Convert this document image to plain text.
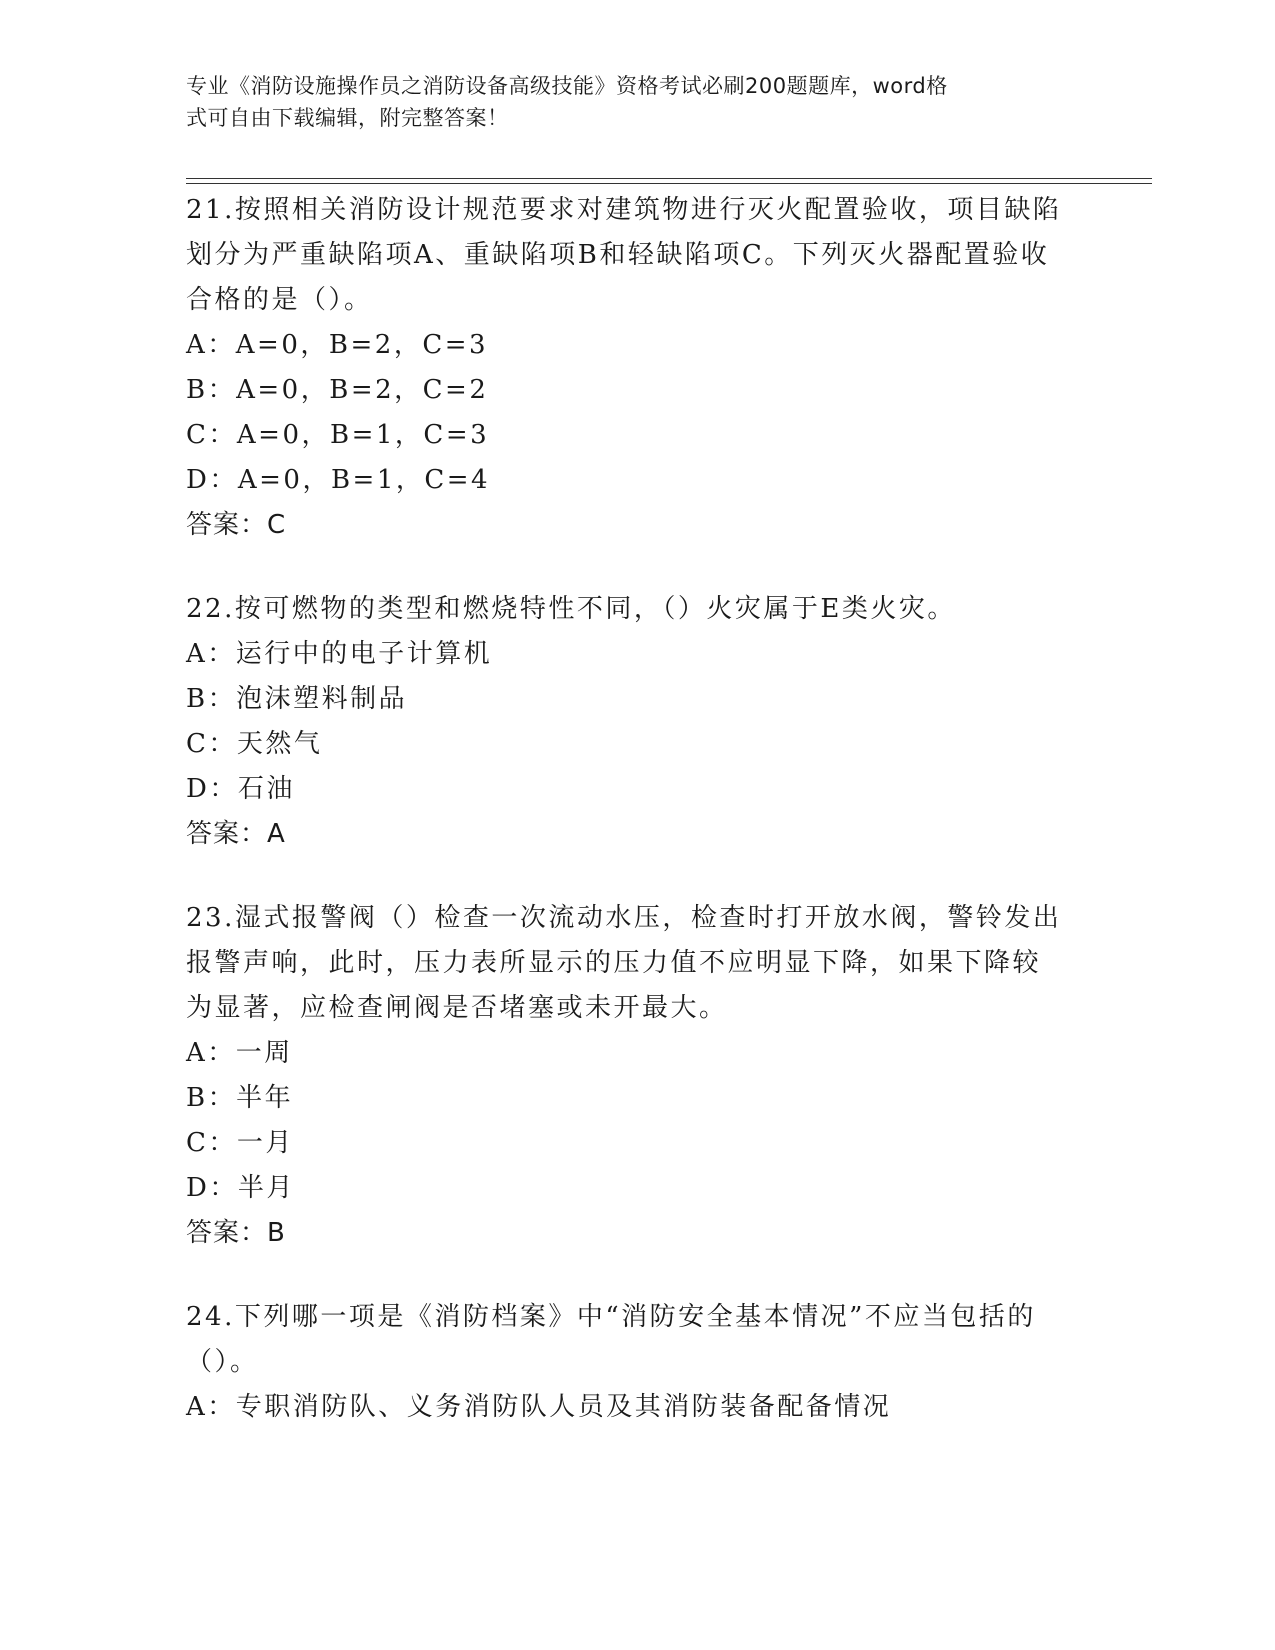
专业《消防设施操作员之消防设备高级技能》资格考试必刷200题题库，word格
式可自由下载编辑，附完整答案！
21.按照相关消防设计规范要求对建筑物进行灭火配置验收，项目缺陷
划分为严重缺陷项A、重缺陷项B和轻缺陷项C。下列灭火器配置验收
合格的是（）。
A：A=0，B=2，C=3
B：A=0，B=2，C=2
C：A=0，B=1，C=3
D：A=0，B=1，C=4
答案：C
22.按可燃物的类型和燃烧特性不同，（）火灾属于E类火灾。
A：运行中的电子计算机
B：泡沫塑料制品
C：天然气
D：石油
答案：A
23.湿式报警阀（）检查一次流动水压，检查时打开放水阀，警铃发出
报警声响，此时，压力表所显示的压力值不应明显下降，如果下降较
为显著，应检查闸阀是否堵塞或未开最大。
A：一周
B：半年
C：一月
D：半月
答案：B
24.下列哪一项是《消防档案》中“消防安全基本情况”不应当包括的
（）。
A：专职消防队、义务消防队人员及其消防装备配备情况
